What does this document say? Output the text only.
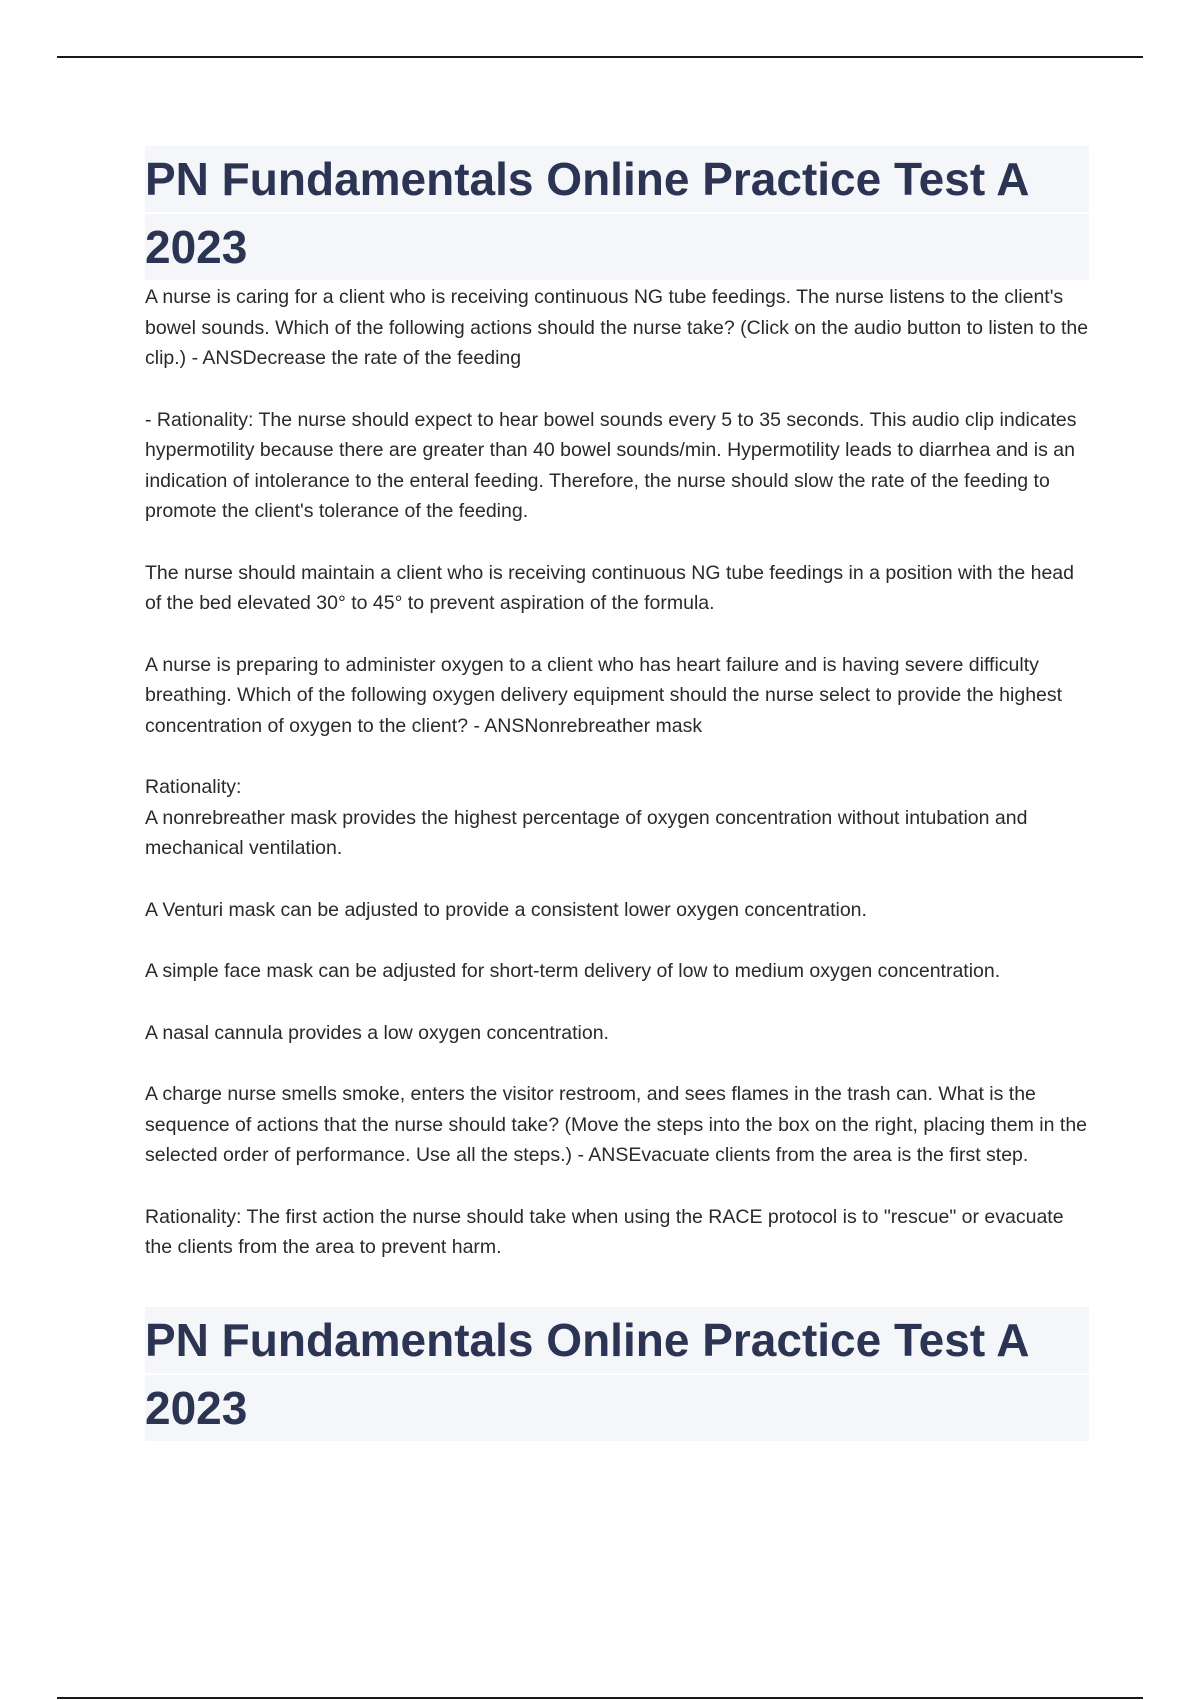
PN Fundamentals Online Practice Test A
2023

A nurse is caring for a client who is receiving continuous NG tube feedings. The nurse listens to the client's bowel sounds. Which of the following actions should the nurse take? (Click on the audio button to listen to the clip.) - ANSDecrease the rate of the feeding

- Rationality: The nurse should expect to hear bowel sounds every 5 to 35 seconds. This audio clip indicates hypermotility because there are greater than 40 bowel sounds/min. Hypermotility leads to diarrhea and is an indication of intolerance to the enteral feeding. Therefore, the nurse should slow the rate of the feeding to promote the client's tolerance of the feeding.

The nurse should maintain a client who is receiving continuous NG tube feedings in a position with the head of the bed elevated 30° to 45° to prevent aspiration of the formula.

A nurse is preparing to administer oxygen to a client who has heart failure and is having severe difficulty breathing. Which of the following oxygen delivery equipment should the nurse select to provide the highest concentration of oxygen to the client? - ANSNonrebreather mask

Rationality:

A nonrebreather mask provides the highest percentage of oxygen concentration without intubation and mechanical ventilation.

A Venturi mask can be adjusted to provide a consistent lower oxygen concentration.

A simple face mask can be adjusted for short-term delivery of low to medium oxygen concentration.

A nasal cannula provides a low oxygen concentration.

A charge nurse smells smoke, enters the visitor restroom, and sees flames in the trash can. What is the sequence of actions that the nurse should take? (Move the steps into the box on the right, placing them in the selected order of performance. Use all the steps.) - ANSEvacuate clients from the area is the first step.

Rationality: The first action the nurse should take when using the RACE protocol is to "rescue" or evacuate the clients from the area to prevent harm.

PN Fundamentals Online Practice Test A
2023
